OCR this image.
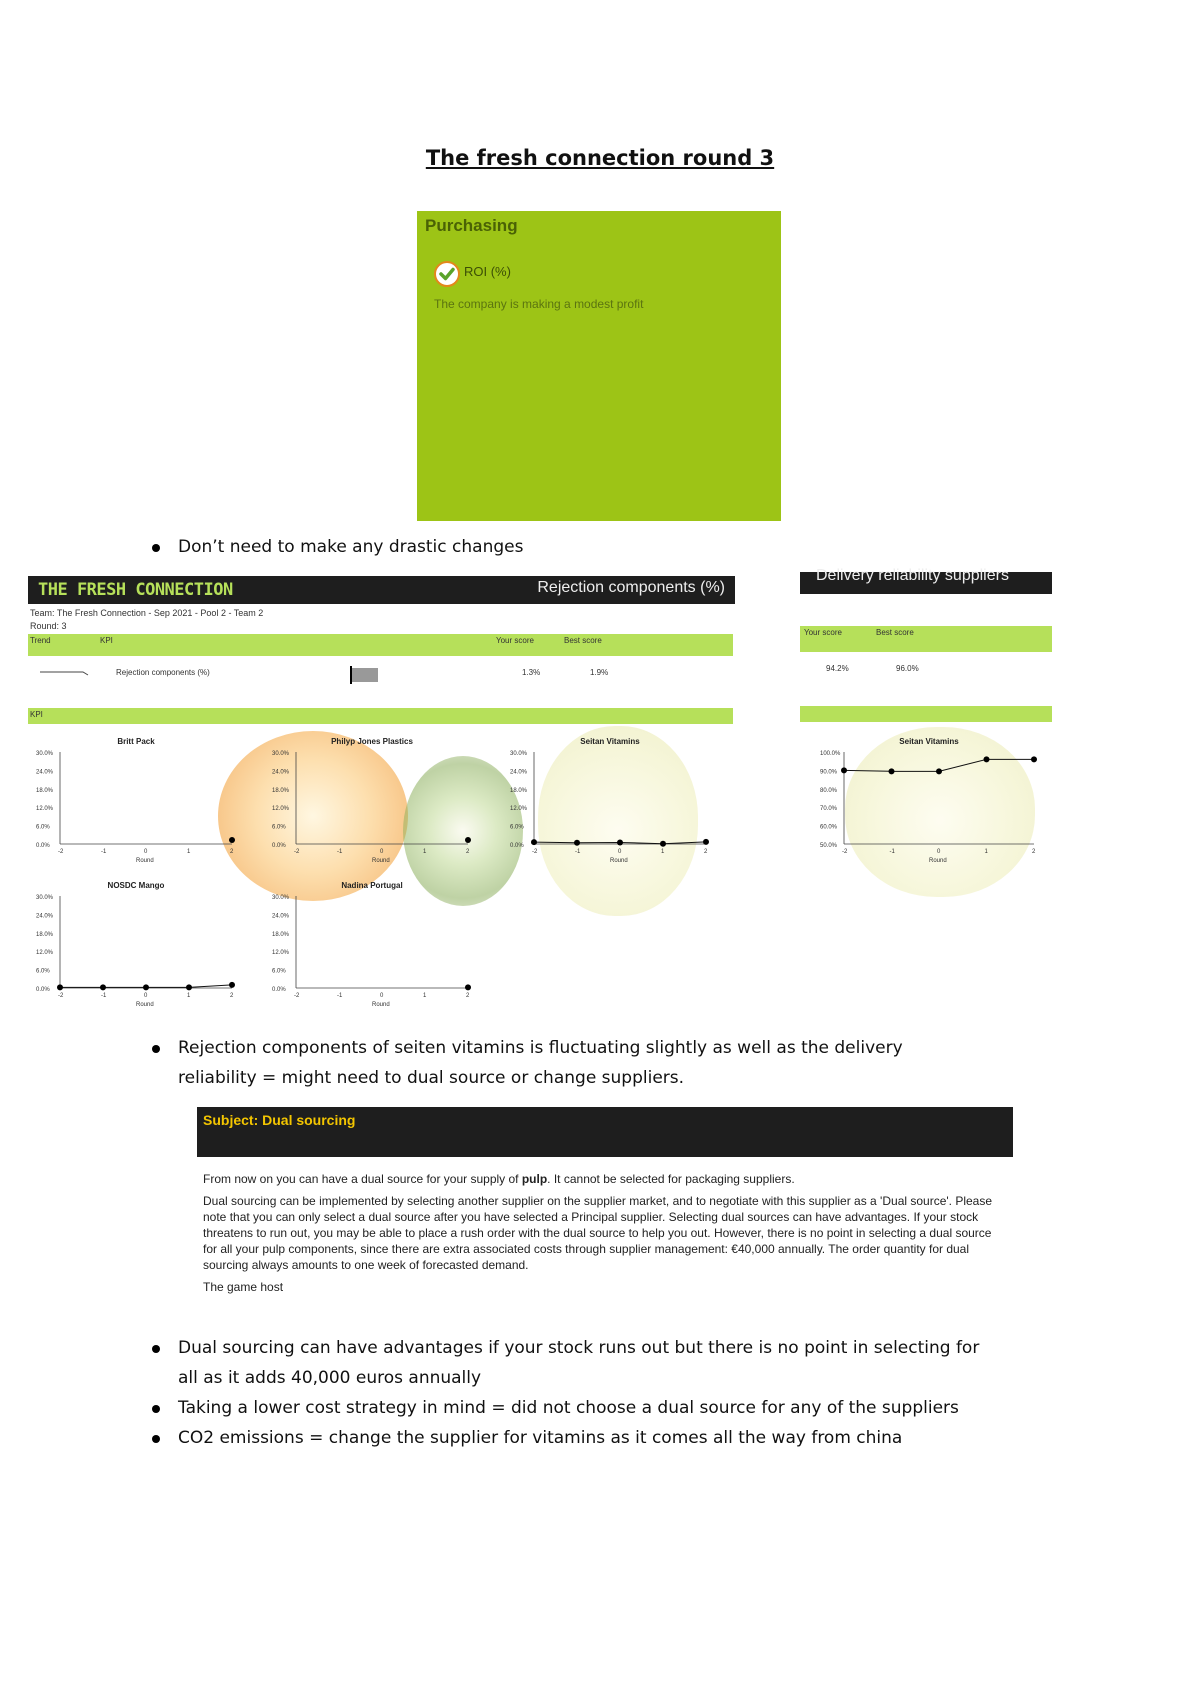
The fresh connection round 3
Purchasing
ROI (%)
The company is making a modest profit
Don’t need to make any drastic changes
THE FRESH CONNECTION	Rejection components (%)
Team: The Fresh Connection - Sep 2021 - Pool 2 - Team 2
Round: 3
Trend	KPI	Your score	Best score
Rejection components (%)	1.3%	1.9%
KPI
Britt Pack
30.0%
24.0%
18.0%
12.0%
6.0%
0.0%
-2	-1	0	1	2
Round
Philyp Jones Plastics
30.0%
24.0%
18.0%
12.0%
6.0%
0.0%
-2	-1	0	1	2
Round
Seitan Vitamins
30.0%
24.0%
18.0%
12.0%
6.0%
0.0%
-2	-1	0	1	2
Round
NOSDC Mango
30.0%
24.0%
18.0%
12.0%
6.0%
0.0%
-2	-1	0	1	2
Round
Nadina Portugal
30.0%
24.0%
18.0%
12.0%
6.0%
0.0%
-2	-1	0	1	2
Round
Delivery reliability suppliers
Your score	Best score
94.2%	96.0%
Seitan Vitamins
100.0%
90.0%
80.0%
70.0%
60.0%
50.0%
-2	-1	0	1	2
Round
Rejection components of seiten vitamins is fluctuating slightly as well as the delivery
reliability = might need to dual source or change suppliers.
Subject: Dual sourcing

From now on you can have a dual source for your supply of pulp. It cannot be selected for packaging suppliers.

Dual sourcing can be implemented by selecting another supplier on the supplier market, and to negotiate with this supplier as a 'Dual source'. Please note that you can only select a dual source after you have selected a Principal supplier. Selecting dual sources can have advantages. If your stock threatens to run out, you may be able to place a rush order with the dual source to help you out. However, there is no point in selecting a dual source for all your pulp components, since there are extra associated costs through supplier management: €40,000 annually. The order quantity for dual sourcing always amounts to one week of forecasted demand.

The game host

Dual sourcing can have advantages if your stock runs out but there is no point in selecting for
all as it adds 40,000 euros annually
Taking a lower cost strategy in mind = did not choose a dual source for any of the suppliers
CO2 emissions = change the supplier for vitamins as it comes all the way from china
